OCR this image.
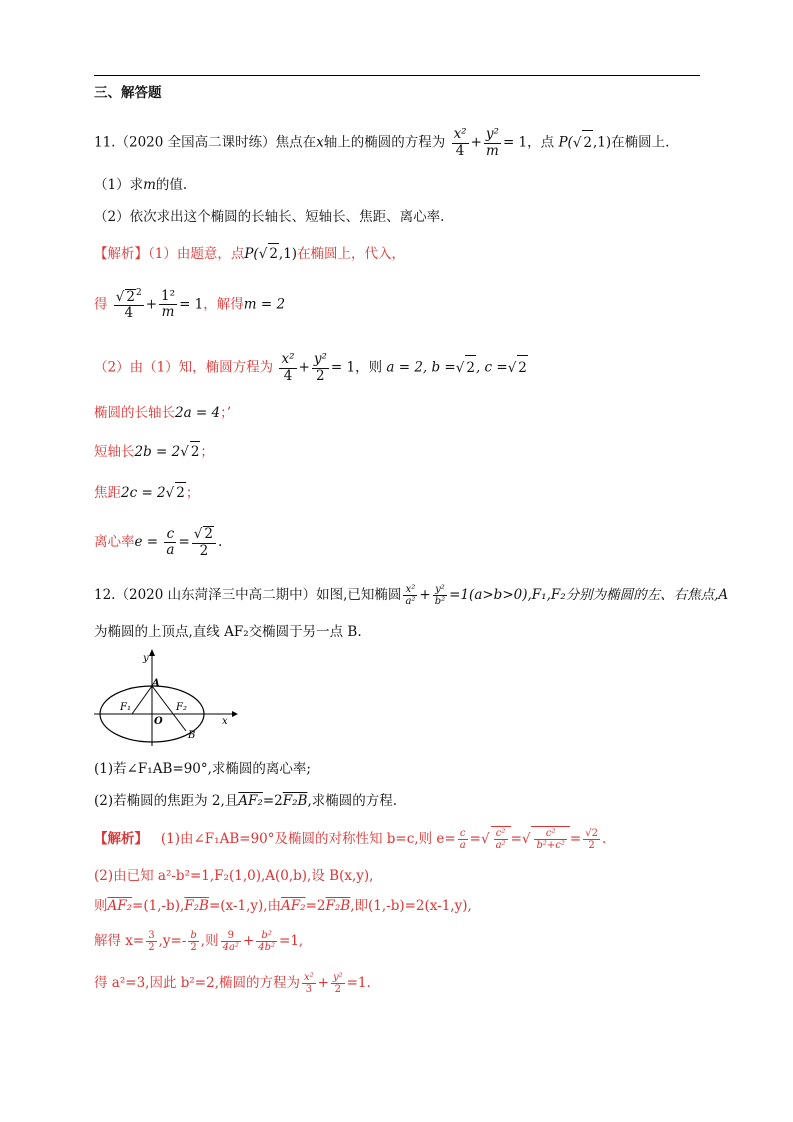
三、解答题
11.（2020 全国高二课时练）焦点在x轴上的椭圆的方程为 $\frac{\text{x²}}{4} + \frac{\text{y²}}{m} = 1$，点 P(√ 2,1)在椭圆上.
（1）求m的值.
（2）依次求出这个椭圆的长轴长、短轴长、焦距、离心率.
【解析】（1）由题意，点P(√ 2,1)在椭圆上，代入，
得 $\frac{√ 2^2}{4} + \frac{\text{1²}}{m} = 1$，解得m = 2
（2）由（1）知，椭圆方程为 $\frac{\text{x²}}{4} + \frac{\text{y²}}{2} = 1$，则 a = 2, b =√ 2, c =√ 2
椭圆的长轴长2a = 4；’
短轴长2b = 2√ 2；
焦距2c = 2√ 2；
离心率$e = \frac{c}{a} = \frac{√ 2}{2}$ .
12.（2020 山东菏泽三中高二期中）如图,已知椭圆 $\frac{\text{x²}}{\text{a²}} + \frac{\text{y²}}{\text{b²}} =1(a>b>0),F_1,F_2$分别为椭圆的左、右焦点,A
为椭圆的上顶点,直线 AF₂交椭圆于另一点 B.
y
x
A
O
F₁	F₂
B
(1)若∠F₁AB=90°,求椭圆的离心率;
(2)若椭圆的焦距为 2,且AF₂=2F₂B,求椭圆的方程.
【解析】 (1)由∠F₁AB=90°及椭圆的对称性知 b=c,则 $e= \frac{c}{a}$ =√ $\frac{\text{c²}}{\text{a²}}$ =√ $\frac{\text{c²}}{\text{b²+c²}} = \frac{√2}{2}$ .
(2)由已知 a²-b²=1,F₂(1,0),A(0,b),设 B(x,y),
则AF₂=(1,-b),F₂B=(x-1,y),由AF₂=2F₂B,即(1,-b)=2(x-1,y),
解得 $x= \frac{3}{2} ,y=- \frac{b}{2}$ ,则 $\frac{9}{\text{4a²}} + \frac{\text{b²}}{\text{4b²}} =1$,
得 a²=3,因此 b²=2,椭圆的方程为 $\frac{\text{x²}}{3} + \frac{\text{y²}}{2} =1$.
